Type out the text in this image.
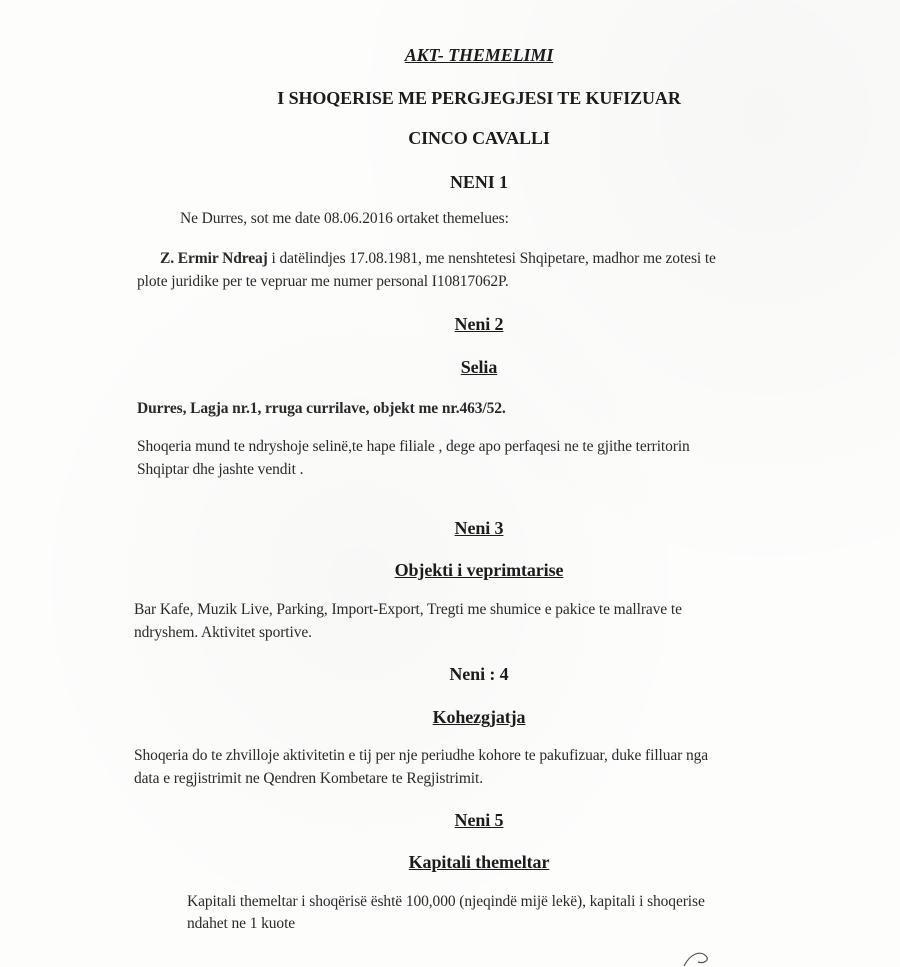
AKT- THEMELIMI
I SHOQERISE ME PERGJEGJESI TE KUFIZUAR
CINCO CAVALLI
NENI 1
Ne Durres, sot me date 08.06.2016 ortaket themelues:
Z. Ermir Ndreaj i datëlindjes 17.08.1981, me nenshtetesi Shqipetare, madhor me zotesi te
plote juridike per te vepruar me numer personal I10817062P.
Neni 2
Selia
Durres, Lagja nr.1, rruga currilave, objekt me nr.463/52.
Shoqeria mund te ndryshoje selinë,te hape filiale , dege apo perfaqesi ne te gjithe territorin
Shqiptar dhe jashte vendit .
Neni 3
Objekti i veprimtarise
Bar Kafe, Muzik Live, Parking, Import-Export, Tregti me shumice e pakice te mallrave te
ndryshem. Aktivitet sportive.
Neni : 4
Kohezgjatja
Shoqeria do te zhvilloje aktivitetin e tij per nje periudhe kohore te pakufizuar, duke filluar nga
data e regjistrimit ne Qendren Kombetare te Regjistrimit.
Neni 5
Kapitali themeltar
Kapitali themeltar i shoqërisë është 100,000 (njeqindë mijë lekë), kapitali i shoqerise
ndahet ne 1 kuote
